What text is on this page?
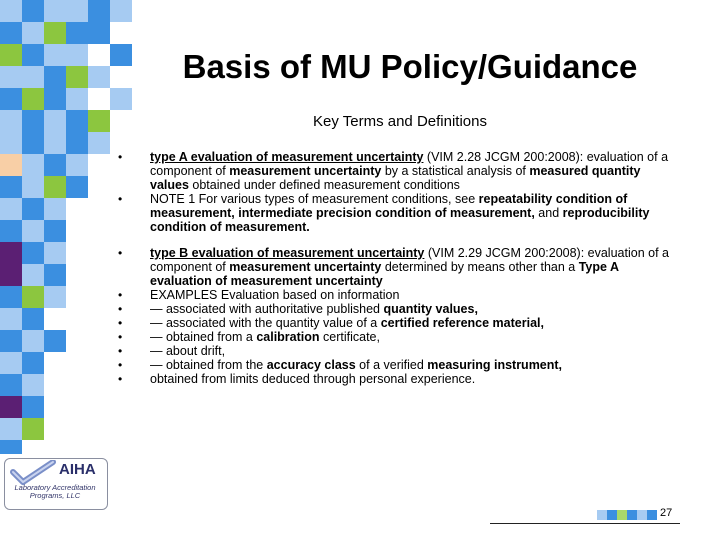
Basis of MU Policy/Guidance
Key Terms and Definitions
• type A evaluation of measurement uncertainty (VIM 2.28 JCGM 200:2008): evaluation of a component of measurement uncertainty by a statistical analysis of measured quantity values obtained under defined measurement conditions
• NOTE 1 For various types of measurement conditions, see repeatability condition of measurement, intermediate precision condition of measurement, and reproducibility condition of measurement.
• type B evaluation of measurement uncertainty (VIM 2.29 JCGM 200:2008): evaluation of a component of measurement uncertainty determined by means other than a Type A evaluation of measurement uncertainty
• EXAMPLES Evaluation based on information
• — associated with authoritative published quantity values,
• — associated with the quantity value of a certified reference material,
• — obtained from a calibration certificate,
• — about drift,
• — obtained from the accuracy class of a verified measuring instrument,
• obtained from limits deduced through personal experience.
AIHA
Laboratory Accreditation
Programs, LLC
27
